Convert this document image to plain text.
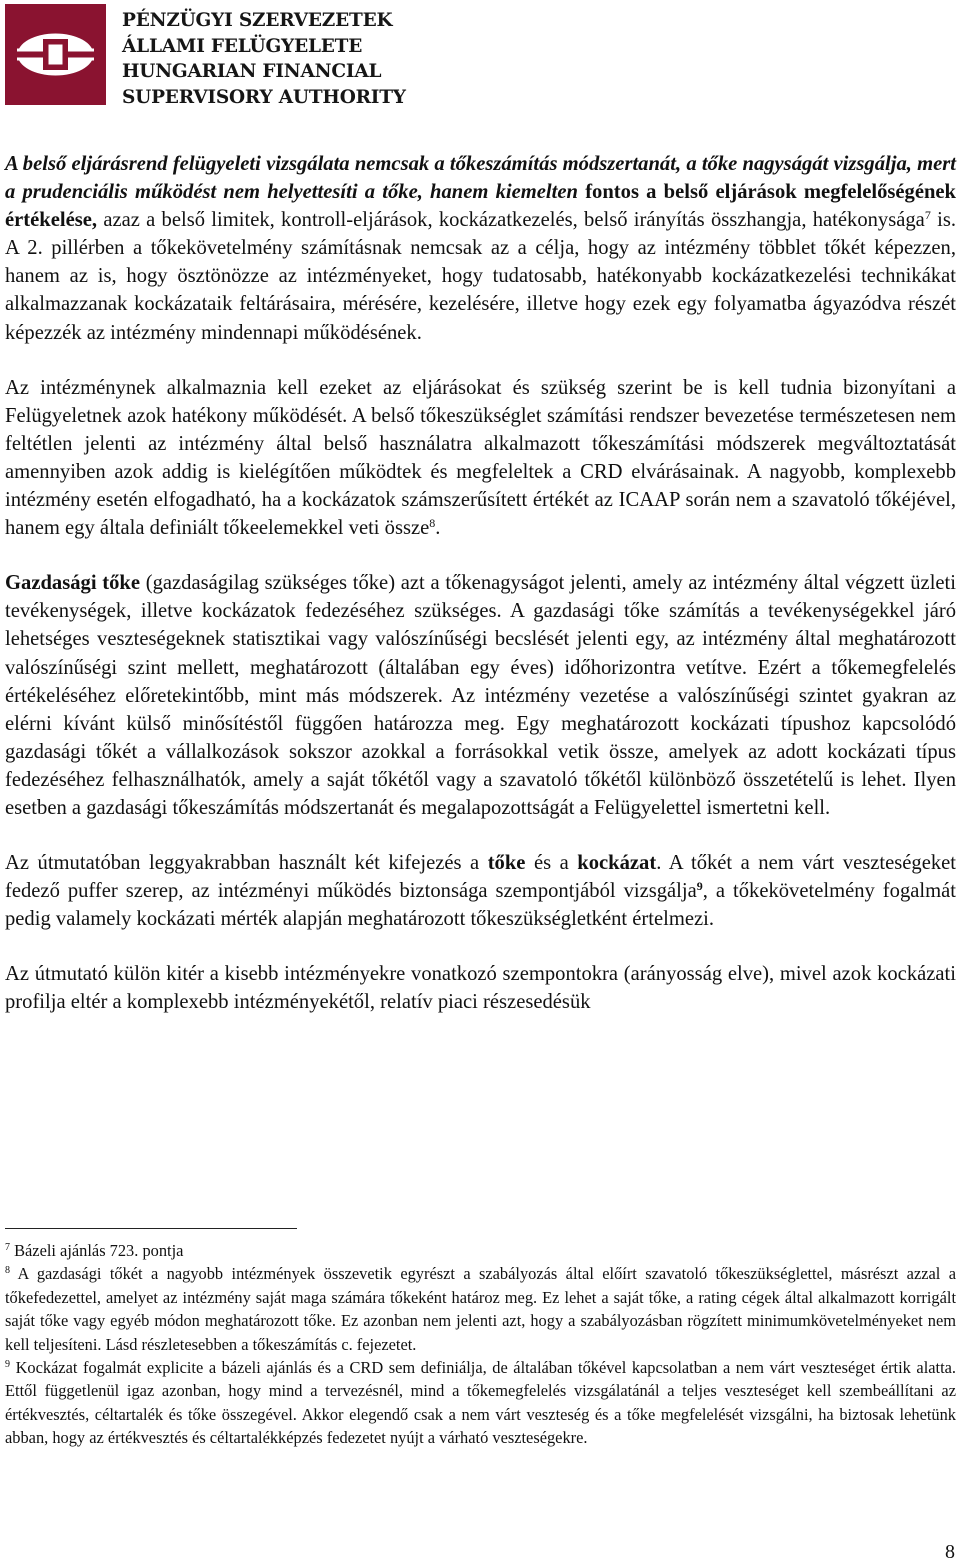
PÉNZÜGYI SZERVEZETEK
ÁLLAMI FELÜGYELETE
HUNGARIAN FINANCIAL
SUPERVISORY AUTHORITY

A belső eljárásrend felügyeleti vizsgálata nemcsak a tőkeszámítás módszertanát, a tőke nagyságát vizsgálja, mert a prudenciális működést nem helyettesíti a tőke, hanem kiemelten fontos a belső eljárások megfelelőségének értékelése, azaz a belső limitek, kontroll-eljárások, kockázatkezelés, belső irányítás összhangja, hatékonysága$^7$ is. A 2. pillérben a tőkekövetelmény számításnak nemcsak az a célja, hogy az intézmény többlet tőkét képezzen, hanem az is, hogy ösztönözze az intézményeket, hogy tudatosabb, hatékonyabb kockázatkezelési technikákat alkalmazzanak kockázataik feltárásaira, mérésére, kezelésére, illetve hogy ezek egy folyamatba ágyazódva részét képezzék az intézmény mindennapi működésének.

Az intézménynek alkalmaznia kell ezeket az eljárásokat és szükség szerint be is kell tudnia bizonyítani a Felügyeletnek azok hatékony működését. A belső tőkeszükséglet számítási rendszer bevezetése természetesen nem feltétlen jelenti az intézmény által belső használatra alkalmazott tőkeszámítási módszerek megváltoztatását amennyiben azok addig is kielégítően működtek és megfeleltek a CRD elvárásainak. A nagyobb, komplexebb intézmény esetén elfogadható, ha a kockázatok számszerűsített értékét az ICAAP során nem a szavatoló tőkéjével, hanem egy általa definiált tőkeelemekkel veti össze$^8$.

Gazdasági tőke (gazdaságilag szükséges tőke) azt a tőkenagyságot jelenti, amely az intézmény által végzett üzleti tevékenységek, illetve kockázatok fedezéséhez szükséges. A gazdasági tőke számítás a tevékenységekkel járó lehetséges veszteségeknek statisztikai vagy valószínűségi becslését jelenti egy, az intézmény által meghatározott valószínűségi szint mellett, meghatározott (általában egy éves) időhorizontra vetítve. Ezért a tőkemegfelelés értékeléséhez előretekintőbb, mint más módszerek. Az intézmény vezetése a valószínűségi szintet gyakran az elérni kívánt külső minősítéstől függően határozza meg. Egy meghatározott kockázati típushoz kapcsolódó gazdasági tőkét a vállalkozások sokszor azokkal a forrásokkal vetik össze, amelyek az adott kockázati típus fedezéséhez felhasználhatók, amely a saját tőkétől vagy a szavatoló tőkétől különböző összetételű is lehet. Ilyen esetben a gazdasági tőkeszámítás módszertanát és megalapozottságát a Felügyelettel ismertetni kell.

Az útmutatóban leggyakrabban használt két kifejezés a tőke és a kockázat. A tőkét a nem várt veszteségeket fedező puffer szerep, az intézményi működés biztonsága szempontjából vizsgálja$^9$, a tőkekövetelmény fogalmát pedig valamely kockázati mérték alapján meghatározott tőkeszükségletként értelmezi.

Az útmutató külön kitér a kisebb intézményekre vonatkozó szempontokra (arányosság elve), mivel azok kockázati profilja eltér a komplexebb intézményekétől, relatív piaci részesedésük

$^7$ Bázeli ajánlás 723. pontja

$^8$ A gazdasági tőkét a nagyobb intézmények összevetik egyrészt a szabályozás által előírt szavatoló tőkeszükséglettel, másrészt azzal a tőkefedezettel, amelyet az intézmény saját maga számára tőkeként határoz meg. Ez lehet a saját tőke, a rating cégek által alkalmazott korrigált saját tőke vagy egyéb módon meghatározott tőke. Ez azonban nem jelenti azt, hogy a szabályozásban rögzített minimumkövetelményeket nem kell teljesíteni. Lásd részletesebben a tőkeszámítás c. fejezetet.

$^9$ Kockázat fogalmát explicite a bázeli ajánlás és a CRD sem definiálja, de általában tőkével kapcsolatban a nem várt veszteséget értik alatta. Ettől függetlenül igaz azonban, hogy mind a tervezésnél, mind a tőkemegfelelés vizsgálatánál a teljes veszteséget kell szembeállítani az értékvesztés, céltartalék és tőke összegével. Akkor elegendő csak a nem várt veszteség és a tőke megfelelését vizsgálni, ha biztosak lehetünk abban, hogy az értékvesztés és céltartalékképzés fedezetet nyújt a várható veszteségekre.

8
